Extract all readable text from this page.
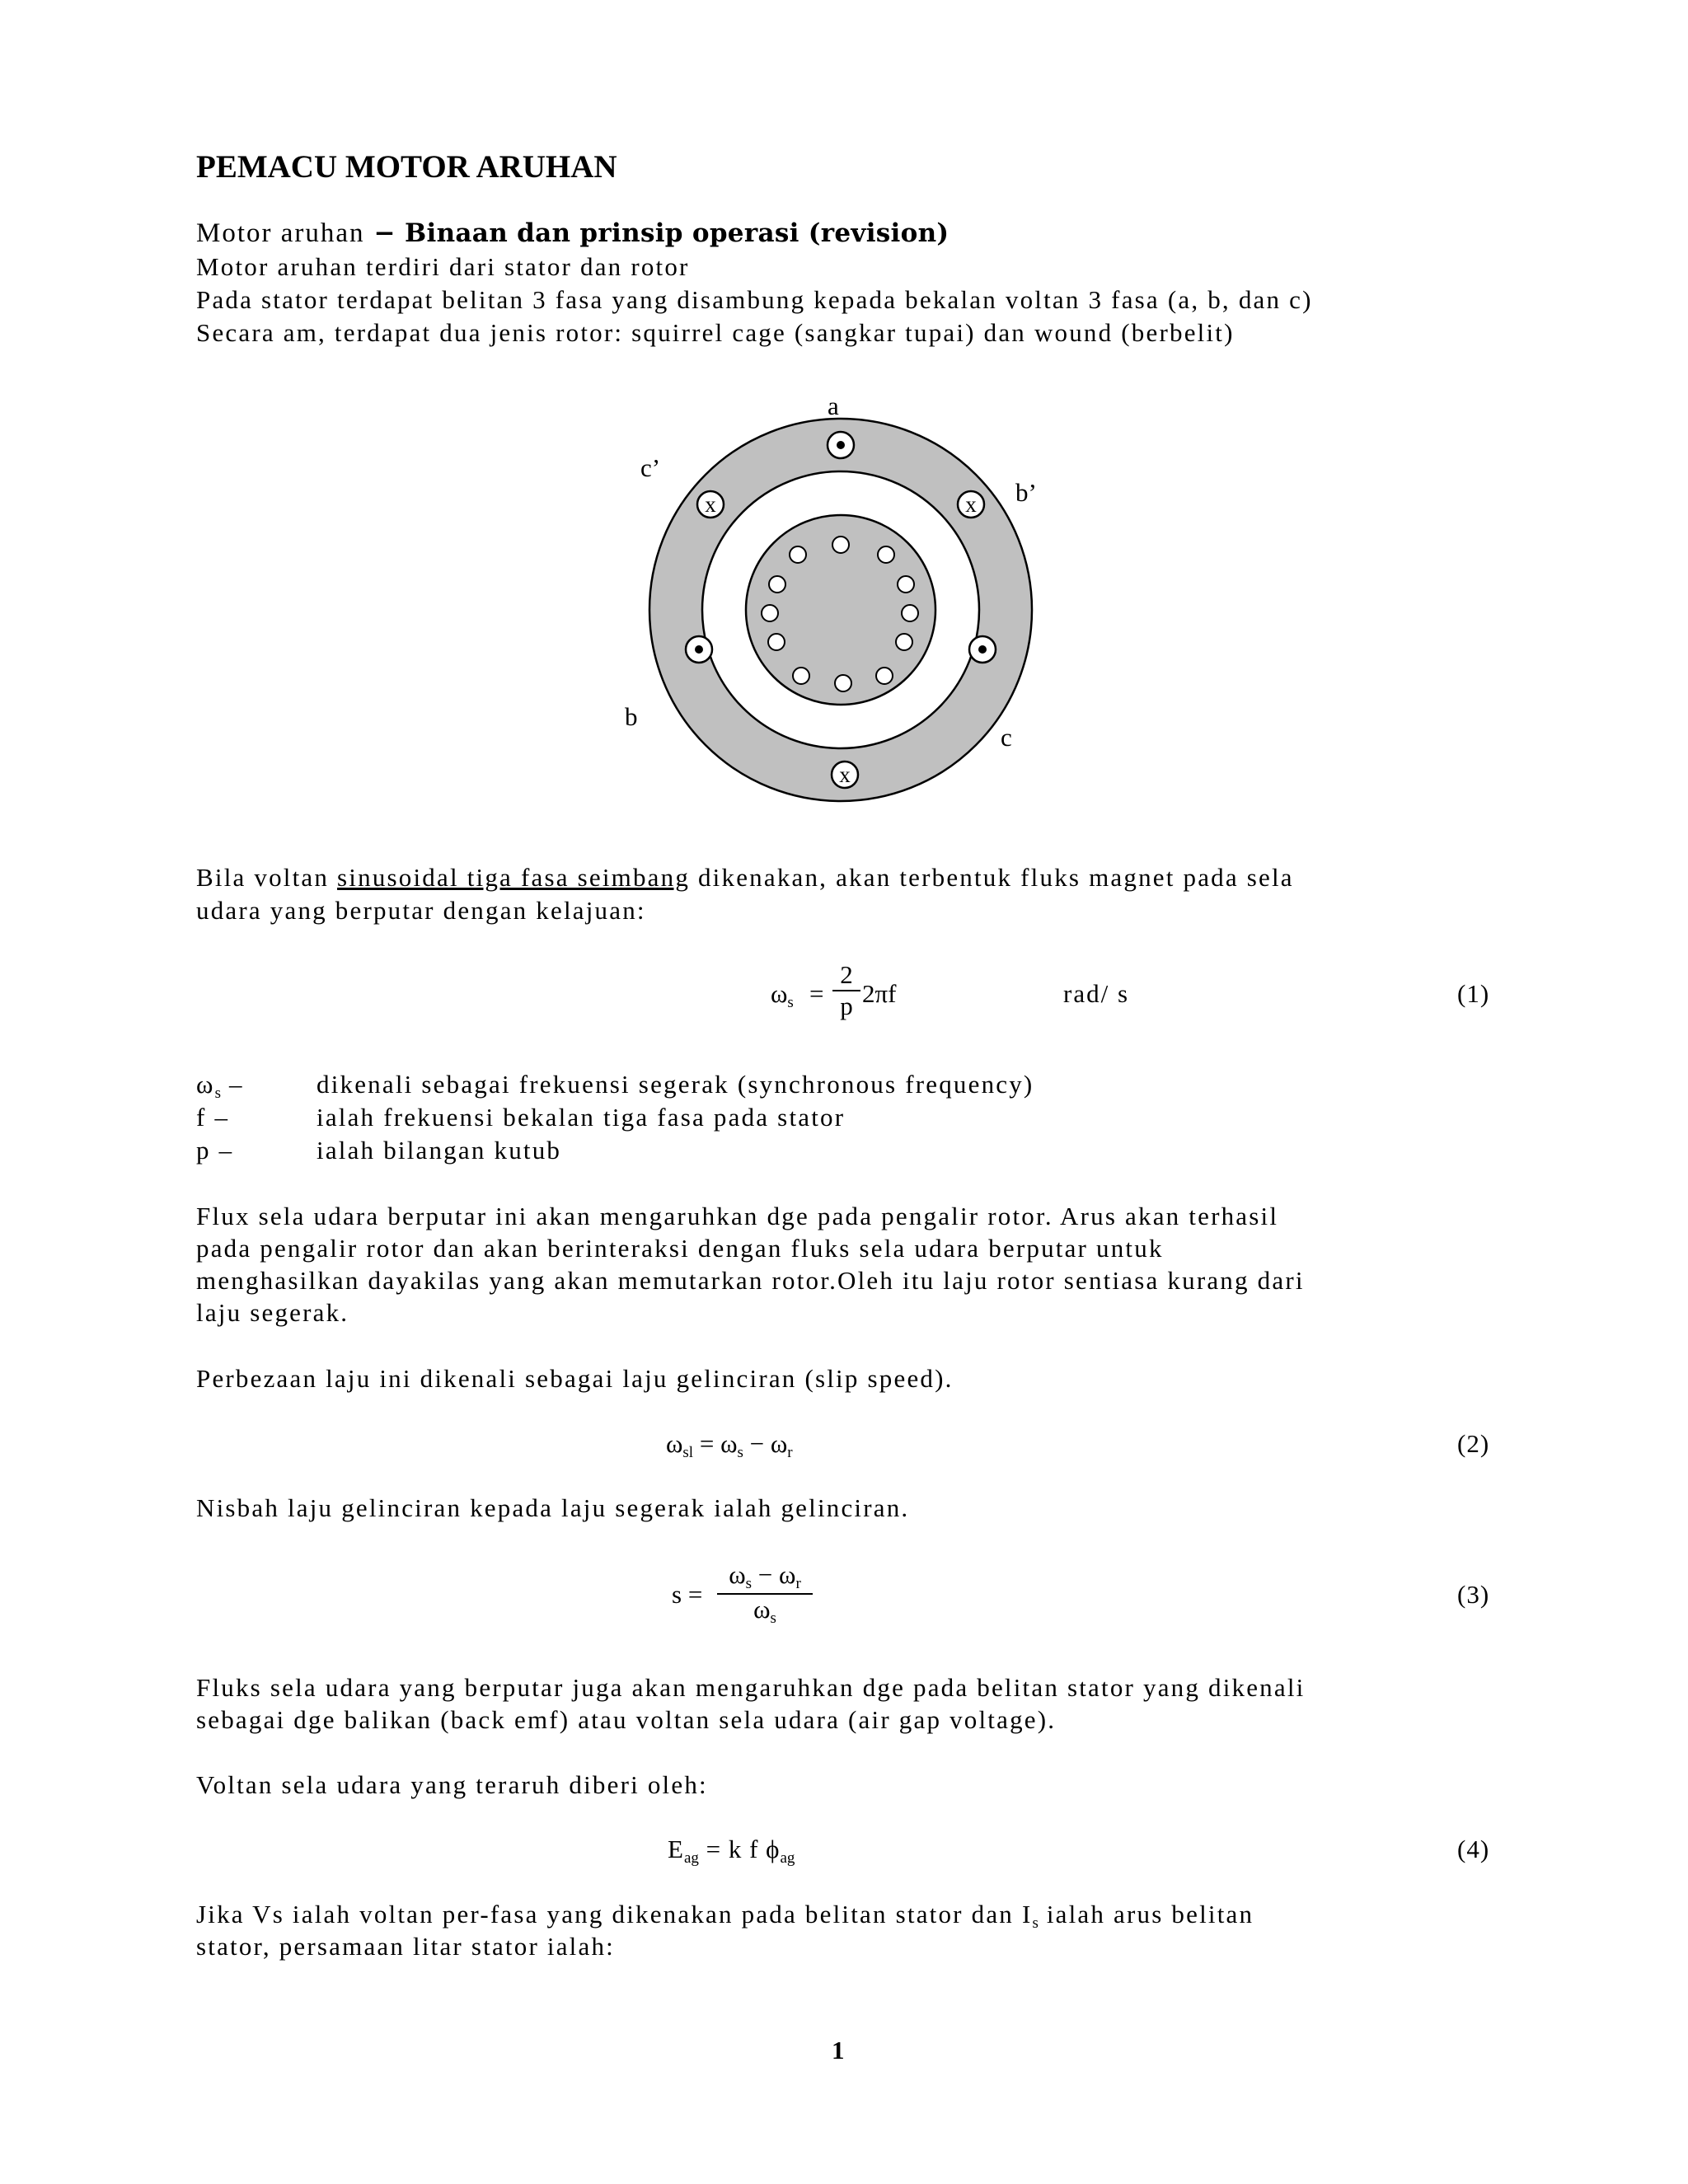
PEMACU MOTOR ARUHAN
Motor aruhan − Binaan dan prinsip operasi (revision)
Motor aruhan terdiri dari stator dan rotor
Pada stator terdapat belitan 3 fasa yang disambung kepada bekalan voltan 3 fasa (a, b, dan c)
Secara am, terdapat dua jenis rotor: squirrel cage (sangkar tupai) dan wound (berbelit)
x	x
x
a
c’
b’
b
c
Bila voltan sinusoidal tiga fasa seimbang dikenakan, akan terbentuk fluks magnet pada sela
udara yang berputar dengan kelajuan:
$\omega_s$ =
2
p 2πf	rad/ s	(1)
$\omega_s$ –	dikenali sebagai frekuensi segerak (synchronous frequency)
f –	ialah frekuensi bekalan tiga fasa pada stator
p –	ialah bilangan kutub
Flux sela udara berputar ini akan mengaruhkan dge pada pengalir rotor. Arus akan terhasil
pada pengalir rotor dan akan berinteraksi dengan fluks sela udara berputar untuk
menghasilkan dayakilas yang akan memutarkan rotor.Oleh itu laju rotor sentiasa kurang dari
laju segerak.
Perbezaan laju ini dikenali sebagai laju gelinciran (slip speed).
$\omega_{sl} = \omega_s - \omega_r$	(2)
Nisbah laju gelinciran kepada laju segerak ialah gelinciran.
s =
$\omega_s - \omega_r$
$\omega_s$
(3)
Fluks sela udara yang berputar juga akan mengaruhkan dge pada belitan stator yang dikenali
sebagai dge balikan (back emf) atau voltan sela udara (air gap voltage).
Voltan sela udara yang teraruh diberi oleh:
$E_{ag} = k$ f $\phi_{ag}$	(4)
Jika Vs ialah voltan per-fasa yang dikenakan pada belitan stator dan $I_s$ ialah arus belitan
stator, persamaan litar stator ialah:
1
